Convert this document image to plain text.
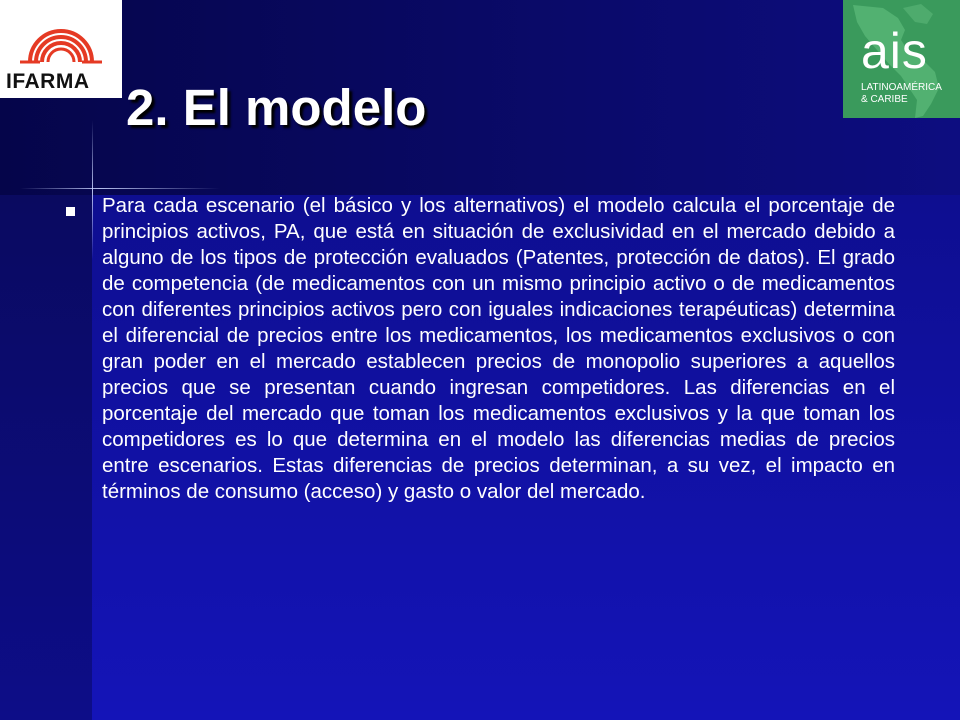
IFARMA
ais
LATINOAMÉRICA
& CARIBE
2. El modelo

Para cada escenario (el básico y los alternativos) el modelo calcula el porcentaje de principios activos, PA, que está en situación de exclusividad en el mercado debido a alguno de los tipos de protección evaluados (Patentes, protección de datos). El grado de competencia (de medicamentos con un mismo principio activo o de medicamentos con diferentes principios activos pero con iguales indicaciones terapéuticas) determina el diferencial de precios entre los medicamentos, los medicamentos exclusivos o con gran poder en el mercado establecen precios de monopolio superiores a aquellos precios que se presentan cuando ingresan competidores. Las diferencias en el porcentaje del mercado que toman los medicamentos exclusivos y la que toman los competidores es lo que determina en el modelo las diferencias medias de precios entre escenarios. Estas diferencias de precios determinan, a su vez, el impacto en términos de consumo (acceso) y gasto o valor del mercado.
